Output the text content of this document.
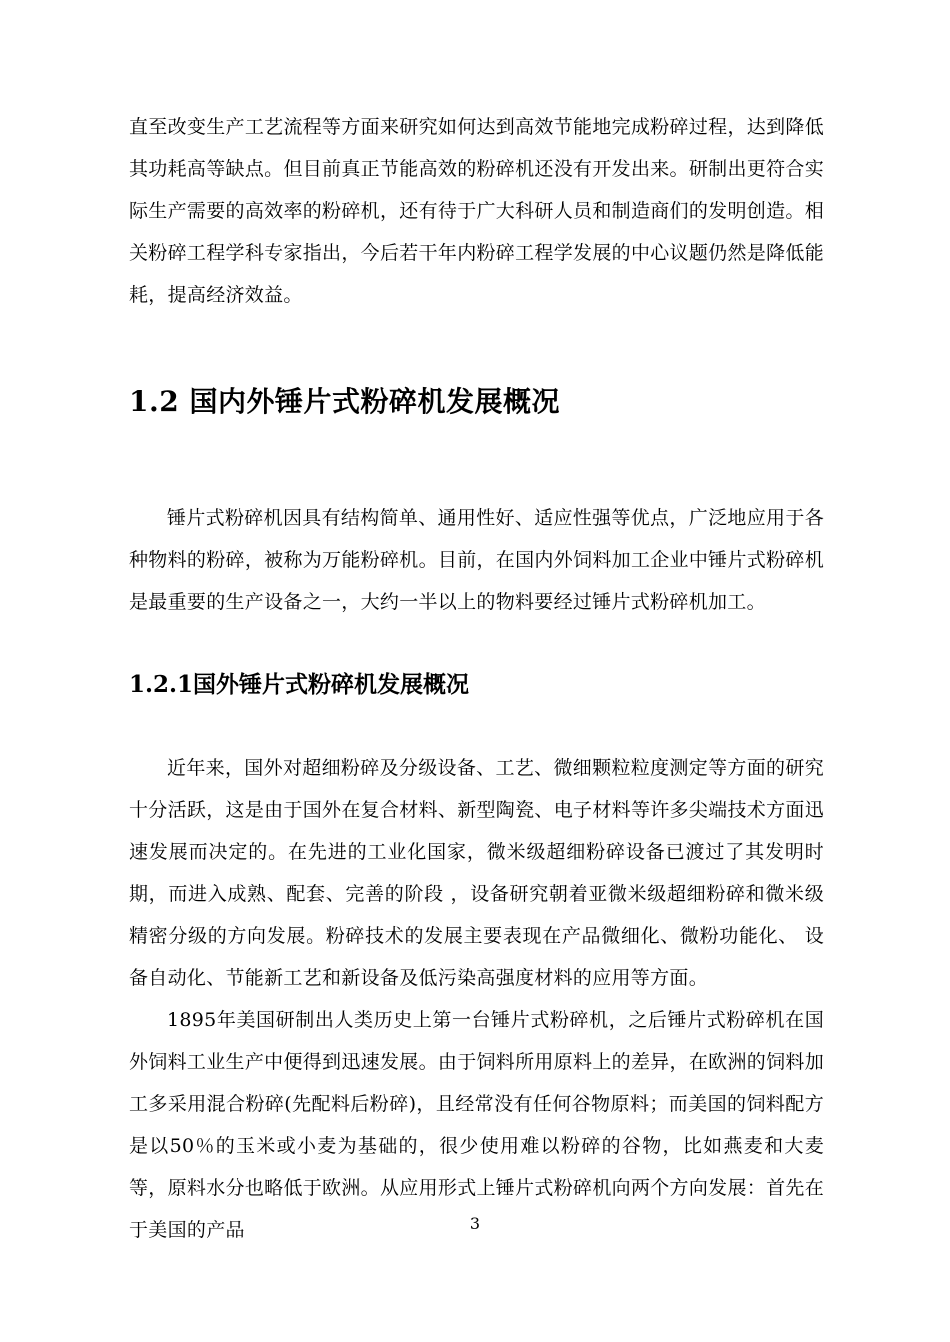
直至改变生产工艺流程等方面来研究如何达到高效节能地完成粉碎过程，达到降低其功耗高等缺点。但目前真正节能高效的粉碎机还没有开发出来。研制出更符合实际生产需要的高效率的粉碎机，还有待于广大科研人员和制造商们的发明创造。相关粉碎工程学科专家指出，今后若干年内粉碎工程学发展的中心议题仍然是降低能耗，提高经济效益。

1.2 国内外锤片式粉碎机发展概况

锤片式粉碎机因具有结构简单、通用性好、适应性强等优点，广泛地应用于各种物料的粉碎，被称为万能粉碎机。目前，在国内外饲料加工企业中锤片式粉碎机是最重要的生产设备之一，大约一半以上的物料要经过锤片式粉碎机加工。

1.2.1国外锤片式粉碎机发展概况

近年来，国外对超细粉碎及分级设备、工艺、微细颗粒粒度测定等方面的研究十分活跃，这是由于国外在复合材料、新型陶瓷、电子材料等许多尖端技术方面迅速发展而决定的。在先进的工业化国家，微米级超细粉碎设备已渡过了其发明时期，而进入成熟、配套、完善的阶段 ，设备研究朝着亚微米级超细粉碎和微米级精密分级的方向发展。粉碎技术的发展主要表现在产品微细化、微粉功能化、 设备自动化、节能新工艺和新设备及低污染高强度材料的应用等方面。

1895年美国研制出人类历史上第一台锤片式粉碎机，之后锤片式粉碎机在国外饲料工业生产中便得到迅速发展。由于饲料所用原料上的差异，在欧洲的饲料加工多采用混合粉碎(先配料后粉碎)，且经常没有任何谷物原料；而美国的饲料配方是以50％的玉米或小麦为基础的，很少使用难以粉碎的谷物，比如燕麦和大麦等，原料水分也略低于欧洲。从应用形式上锤片式粉碎机向两个方向发展：首先在于美国的产品	3
